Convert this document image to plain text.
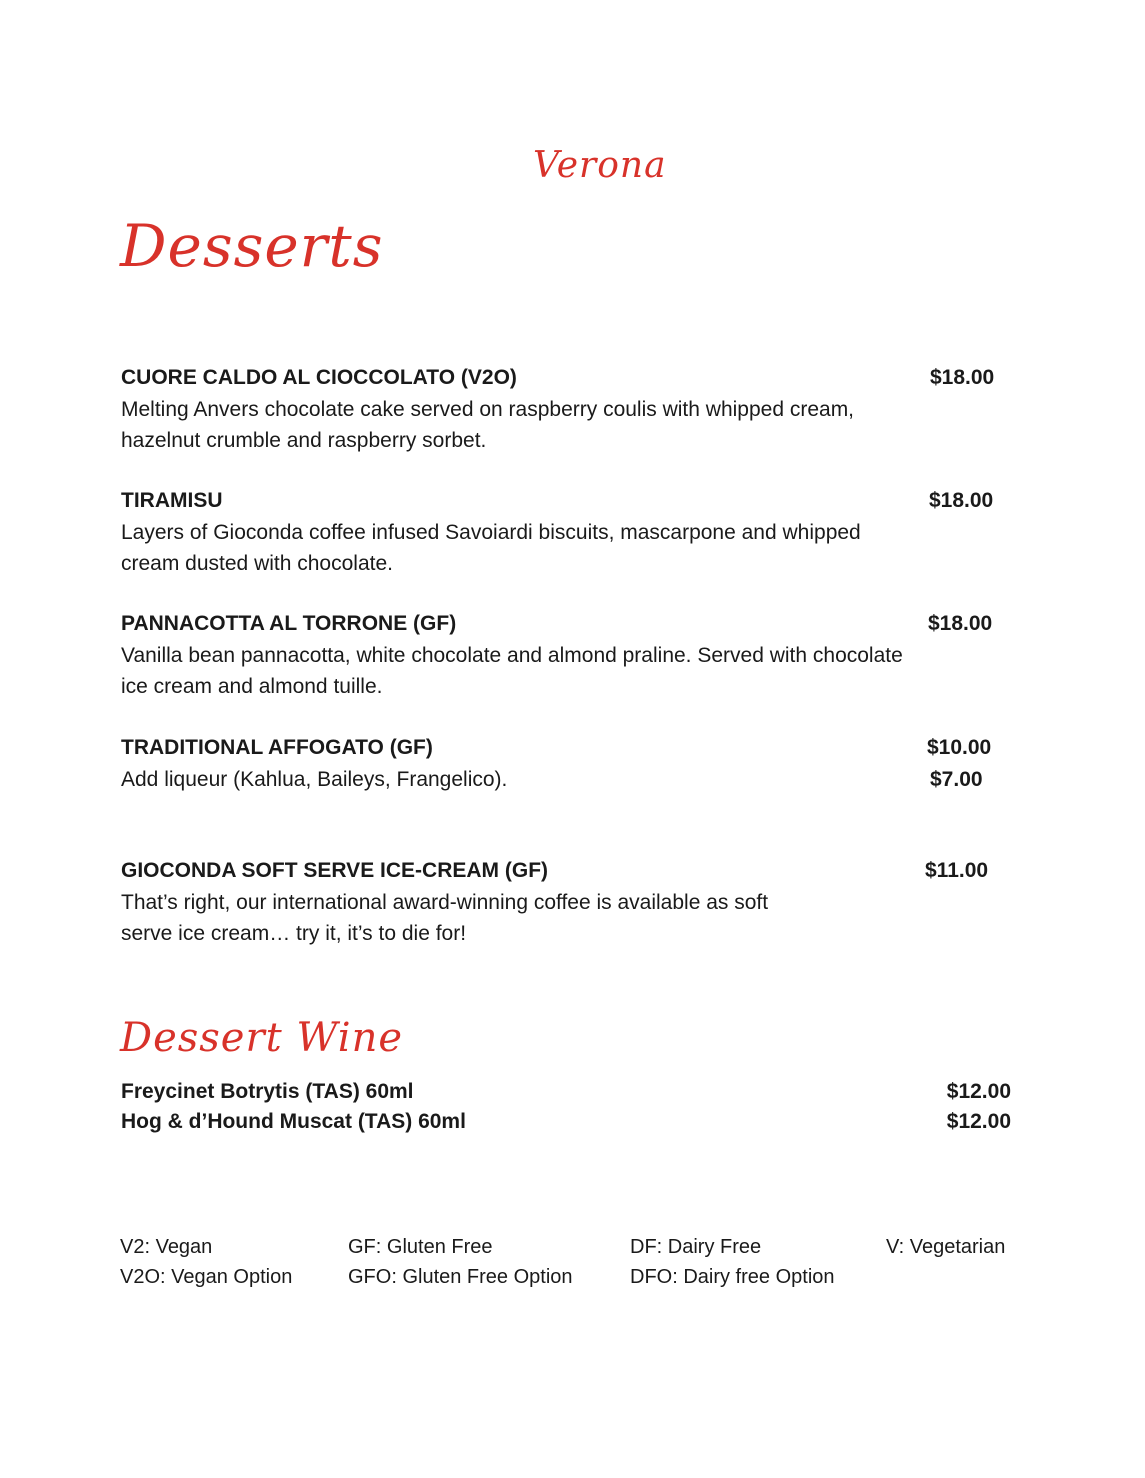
Verona
Desserts
CUORE CALDO AL CIOCCOLATO (V2O)
Melting Anvers chocolate cake served on raspberry coulis with whipped cream, hazelnut crumble and raspberry sorbet.
$18.00
TIRAMISU
Layers of Gioconda coffee infused Savoiardi biscuits, mascarpone and whipped cream dusted with chocolate.
$18.00
PANNACOTTA AL TORRONE (GF)
Vanilla bean pannacotta, white chocolate and almond praline. Served with chocolate ice cream and almond tuille.
$18.00
TRADITIONAL AFFOGATO (GF)
Add liqueur (Kahlua, Baileys, Frangelico).
$10.00
$7.00
GIOCONDA SOFT SERVE ICE-CREAM (GF)
That’s right, our international award-winning coffee is available as soft serve ice cream… try it, it’s to die for!
$11.00
Dessert Wine
Freycinet Botrytis (TAS) 60ml	$12.00
Hog & d’Hound Muscat (TAS) 60ml	$12.00
V2: Vegan
V2O: Vegan Option
GF: Gluten Free
GFO: Gluten Free Option
DF: Dairy Free
DFO: Dairy free Option
V: Vegetarian
